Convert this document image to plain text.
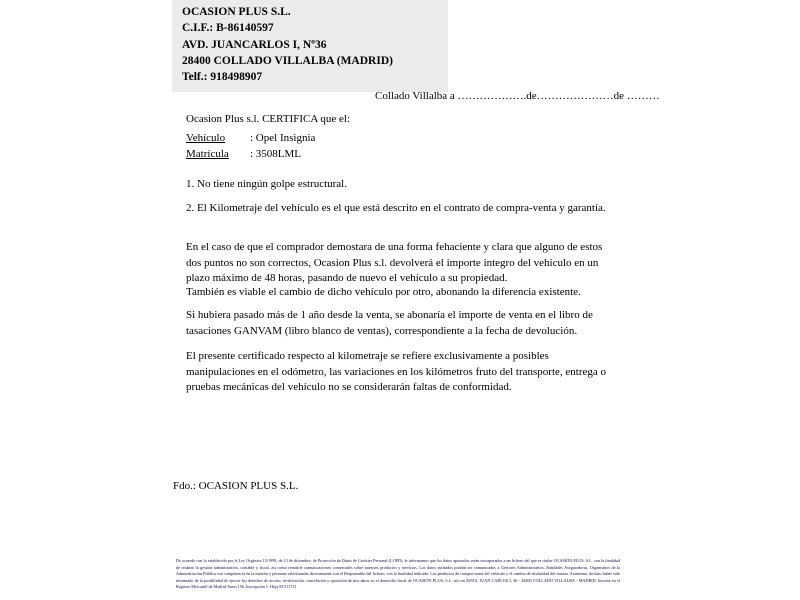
OCASION PLUS S.L.
C.I.F.: B-86140597
AVD. JUANCARLOS I, Nº36
28400 COLLADO VILLALBA (MADRID)
Telf.: 918498907
Collado Villalba a ……………….de…………………de ………
Ocasion Plus s.l. CERTIFICA que el:
Vehículo : Opel Insignia
Matrícula : 3508LML
1. No tiene ningún golpe estructural.
2. El Kilometraje del vehículo es el que está descrito en el contrato de compra-venta y garantía.
En el caso de que el comprador demostara de una forma fehaciente y clara que alguno de estos dos puntos no son correctos, Ocasion Plus s.l. devolverá el importe integro del vehículo en un plazo máximo de 48 horas, pasando de nuevo el vehículo a su propiedad.
También es viable el cambio de dicho vehículo por otro, abonando la diferencia existente.
Si hubiera pasado más de 1 año desde la venta, se abonaría el importe de venta en el libro de tasaciones GANVAM (libro blanco de ventas), correspondiente a la fecha de devolución.
El presente certificado respecto al kilometraje se refiere exclusivamente a posibles manipulaciones en el odómetro, las variaciones en los kilómetros fruto del transporte, entrega o pruebas mecánicas del vehículo no se considerarán faltas de conformidad.
Fdo.: OCASION PLUS S.L.

De acuerdo con lo establecido por la Ley Orgánica 15/1999, de 13 de diciembre, de Protección de Datos de Carácter Personal (LOPD), le informamos que los datos aportados serán incorporados a un fichero del que es titular OCASIÓN PLUS, S.L. con la finalidad de realizar la gestión administrativa, contable y fiscal, así como remitirle comunicaciones comerciales sobre nuestros productos y servicios. Los datos incluidos podrán ser comunicados a Gestores Administrativos, Entidades Aseguradoras, Organismos de la Administración Pública con competencia en la materia y personas relacionadas directamente con el Responsable del fichero, con la finalidad indicada. Los productos de compra-venta del vehículo y el cambio de titularidad del mismo. Asimismo, declaro haber sido informado de la posibilidad de ejercer los derechos de acceso, rectificación, cancelación y oposición de mis datos en el domicilio fiscal de OCASIÓN PLUS, S.L. sito en AVDA. JUAN CARLOS I, 36 - 28400 COLLADO VILLALBA - MADRID. Inscrita en el Registro Mercantil de Madrid Tomo 156, Inscripción 1, Hoja M 511731
